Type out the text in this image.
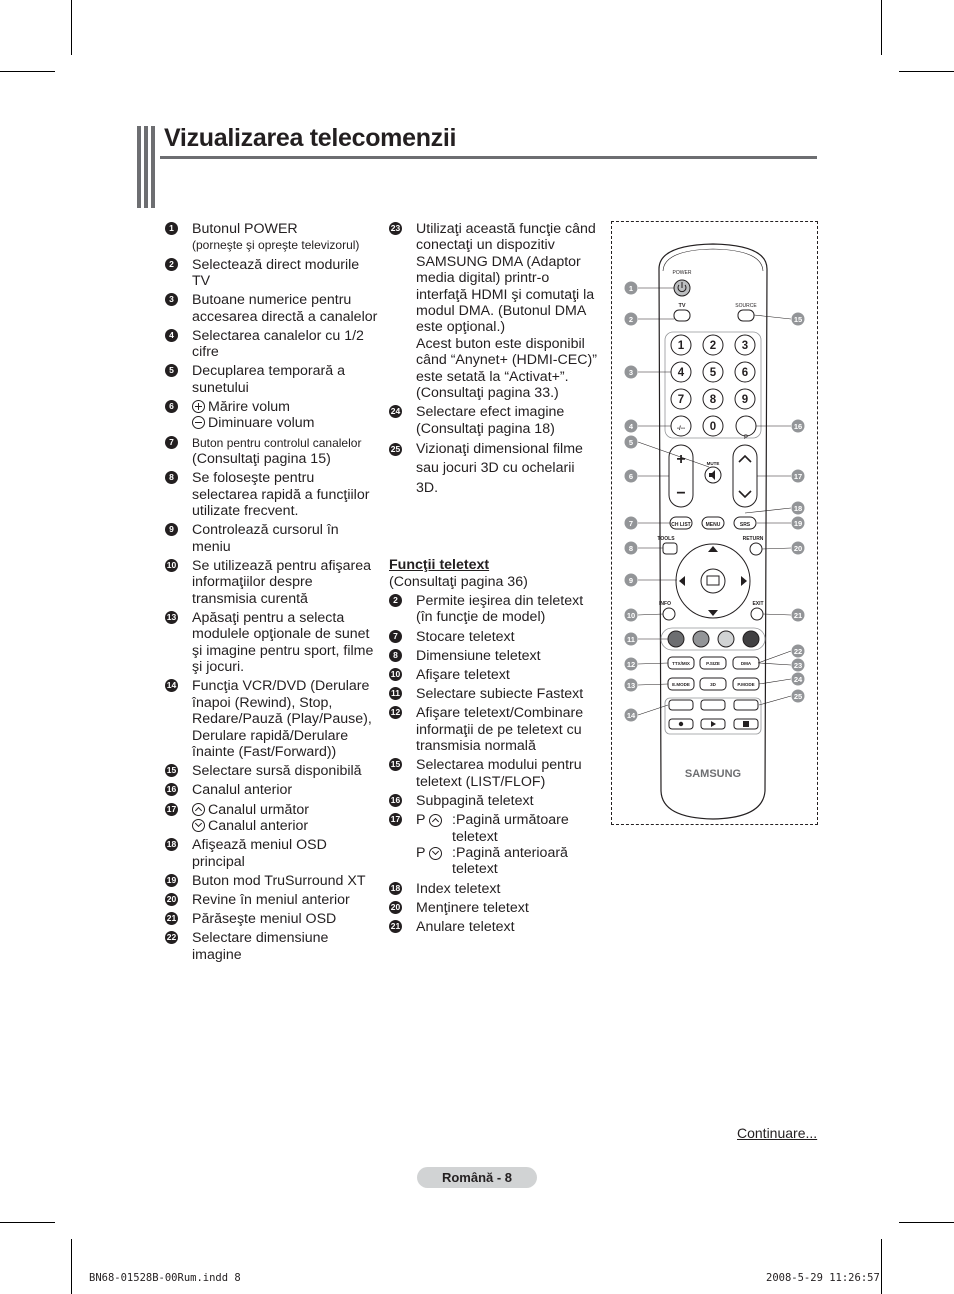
Vizualizarea telecomenzii
1 Butonul POWER
(porneşte şi opreşte televizorul)
2 Selectează direct modurile TV
3 Butoane numerice pentru accesarea directă a canalelor
4 Selectarea canalelor cu 1/2 cifre
5 Decuplarea temporară a sunetului
6	Mărire volum
Diminuare volum
7	Buton pentru controlul canalelor
(Consultaţi pagina 15)
8 Se foloseşte pentru selectarea rapidă a funcţiilor utilizate frecvent.
9 Controlează cursorul în meniu
10 Se utilizează pentru afişarea informaţiilor despre transmisia curentă
13 Apăsaţi pentru a selecta modulele opţionale de sunet şi imagine pentru sport, filme şi jocuri.
14 Funcţia VCR/DVD (Derulare înapoi (Rewind), Stop, Redare/Pauză (Play/Pause), Derulare rapidă/Derulare înainte (Fast/Forward))
15 Selectare sursă disponibilă
16 Canalul anterior
17	Canalul următor
Canalul anterior
18 Afişează meniul OSD principal
19 Buton mod TruSurround XT
20 Revine în meniul anterior
21 Părăseşte meniul OSD
22 Selectare dimensiune imagine
23 Utilizaţi această funcţie când conectaţi un dispozitiv SAMSUNG DMA (Adaptor media digital) printr-o interfaţă HDMI şi comutaţi la modul DMA. (Butonul DMA este opţional.)
Acest buton este disponibil când “Anynet+ (HDMI-CEC)” este setată la “Activat+”. (Consultaţi pagina 33.)
24 Selectare efect imagine (Consultaţi pagina 18)
25 Vizionaţi dimensional filme sau jocuri 3D cu ochelarii 3D.
Funcţii teletext
(Consultaţi pagina 36)
2 Permite ieşirea din teletext (în funcţie de model)
7 Stocare teletext
8 Dimensiune teletext
10 Afişare teletext
11 Selectare subiecte Fastext
12 Afişare teletext/Combinare informaţii de pe teletext cu transmisia normală
15 Selectarea modului pentru teletext (LIST/FLOF)
16 Subpagină teletext
17 P :Pagină următoare teletext
P :Pagină anterioară teletext
18 Index teletext
20 Menţinere teletext
21 Anulare teletext
POWER
TV	SOURCE
1 2 3
4 5 6
7 8 9
-/-- 0
P
+
−
MUTE
CH LIST	MENU	SRS
TOOLS	RETURN
INFO	EXIT
TTX/MIX	P.SIZE	DMA
E.MODE	3D	P.MODE
SAMSUNG
1
2
3
4
5
6
7
8
9
10
11
12
13
14
15
16
17
18
19
20
21
22
23
24
25
Continuare...
Română - 8
BN68-01528B-00Rum.indd 8	2008-5-29 11:26:57
